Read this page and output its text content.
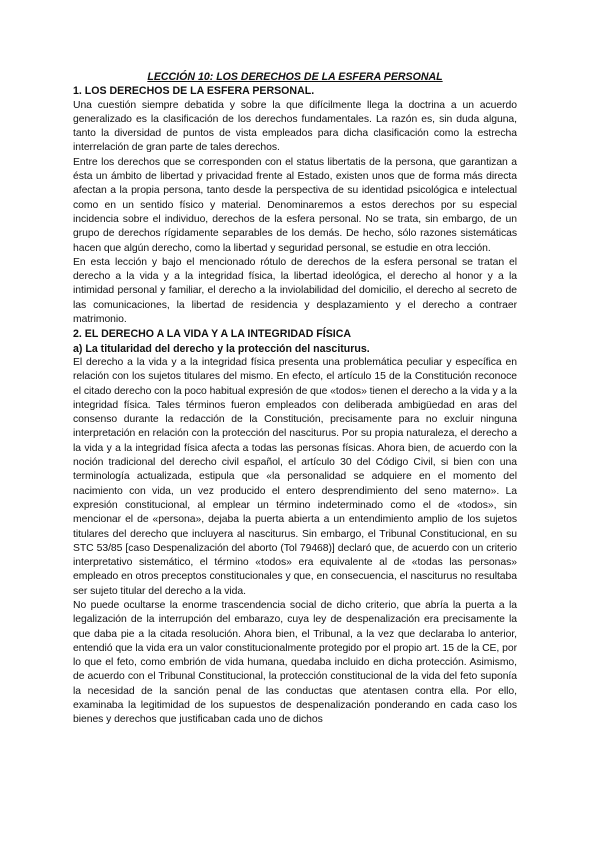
LECCIÓN 10: LOS DERECHOS DE LA ESFERA PERSONAL

1. LOS DERECHOS DE LA ESFERA PERSONAL.

Una cuestión siempre debatida y sobre la que difícilmente llega la doctrina a un acuerdo generalizado es la clasificación de los derechos fundamentales. La razón es, sin duda alguna, tanto la diversidad de puntos de vista empleados para dicha clasificación como la estrecha interrelación de gran parte de tales derechos.

Entre los derechos que se corresponden con el status libertatis de la persona, que garantizan a ésta un ámbito de libertad y privacidad frente al Estado, existen unos que de forma más directa afectan a la propia persona, tanto desde la perspectiva de su identidad psicológica e intelectual como en un sentido físico y material. Denominaremos a estos derechos por su especial incidencia sobre el individuo, derechos de la esfera personal. No se trata, sin embargo, de un grupo de derechos rígidamente separables de los demás. De hecho, sólo razones sistemáticas hacen que algún derecho, como la libertad y seguridad personal, se estudie en otra lección.

En esta lección y bajo el mencionado rótulo de derechos de la esfera personal se tratan el derecho a la vida y a la integridad física, la libertad ideológica, el derecho al honor y a la intimidad personal y familiar, el derecho a la inviolabilidad del domicilio, el derecho al secreto de las comunicaciones, la libertad de residencia y desplazamiento y el derecho a contraer matrimonio.

2. EL DERECHO A LA VIDA Y A LA INTEGRIDAD FÍSICA

a) La titularidad del derecho y la protección del nasciturus.

El derecho a la vida y a la integridad física presenta una problemática peculiar y específica en relación con los sujetos titulares del mismo. En efecto, el artículo 15 de la Constitución reconoce el citado derecho con la poco habitual expresión de que «todos» tienen el derecho a la vida y a la integridad física. Tales términos fueron empleados con deliberada ambigüedad en aras del consenso durante la redacción de la Constitución, precisamente para no excluir ninguna interpretación en relación con la protección del nasciturus. Por su propia naturaleza, el derecho a la vida y a la integridad física afecta a todas las personas físicas. Ahora bien, de acuerdo con la noción tradicional del derecho civil español, el artículo 30 del Código Civil, si bien con una terminología actualizada, estipula que «la personalidad se adquiere en el momento del nacimiento con vida, un vez producido el entero desprendimiento del seno materno». La expresión constitucional, al emplear un término indeterminado como el de «todos», sin mencionar el de «persona», dejaba la puerta abierta a un entendimiento amplio de los sujetos titulares del derecho que incluyera al nasciturus. Sin embargo, el Tribunal Constitucional, en su STC 53/85 [caso Despenalización del aborto (Tol 79468)] declaró que, de acuerdo con un criterio interpretativo sistemático, el término «todos» era equivalente al de «todas las personas» empleado en otros preceptos constitucionales y que, en consecuencia, el nasciturus no resultaba ser sujeto titular del derecho a la vida.

No puede ocultarse la enorme trascendencia social de dicho criterio, que abría la puerta a la legalización de la interrupción del embarazo, cuya ley de despenalización era precisamente la que daba pie a la citada resolución. Ahora bien, el Tribunal, a la vez que declaraba lo anterior, entendió que la vida era un valor constitucionalmente protegido por el propio art. 15 de la CE, por lo que el feto, como embrión de vida humana, quedaba incluido en dicha protección. Asimismo, de acuerdo con el Tribunal Constitucional, la protección constitucional de la vida del feto suponía la necesidad de la sanción penal de las conductas que atentasen contra ella. Por ello, examinaba la legitimidad de los supuestos de despenalización ponderando en cada caso los bienes y derechos que justificaban cada uno de dichos
